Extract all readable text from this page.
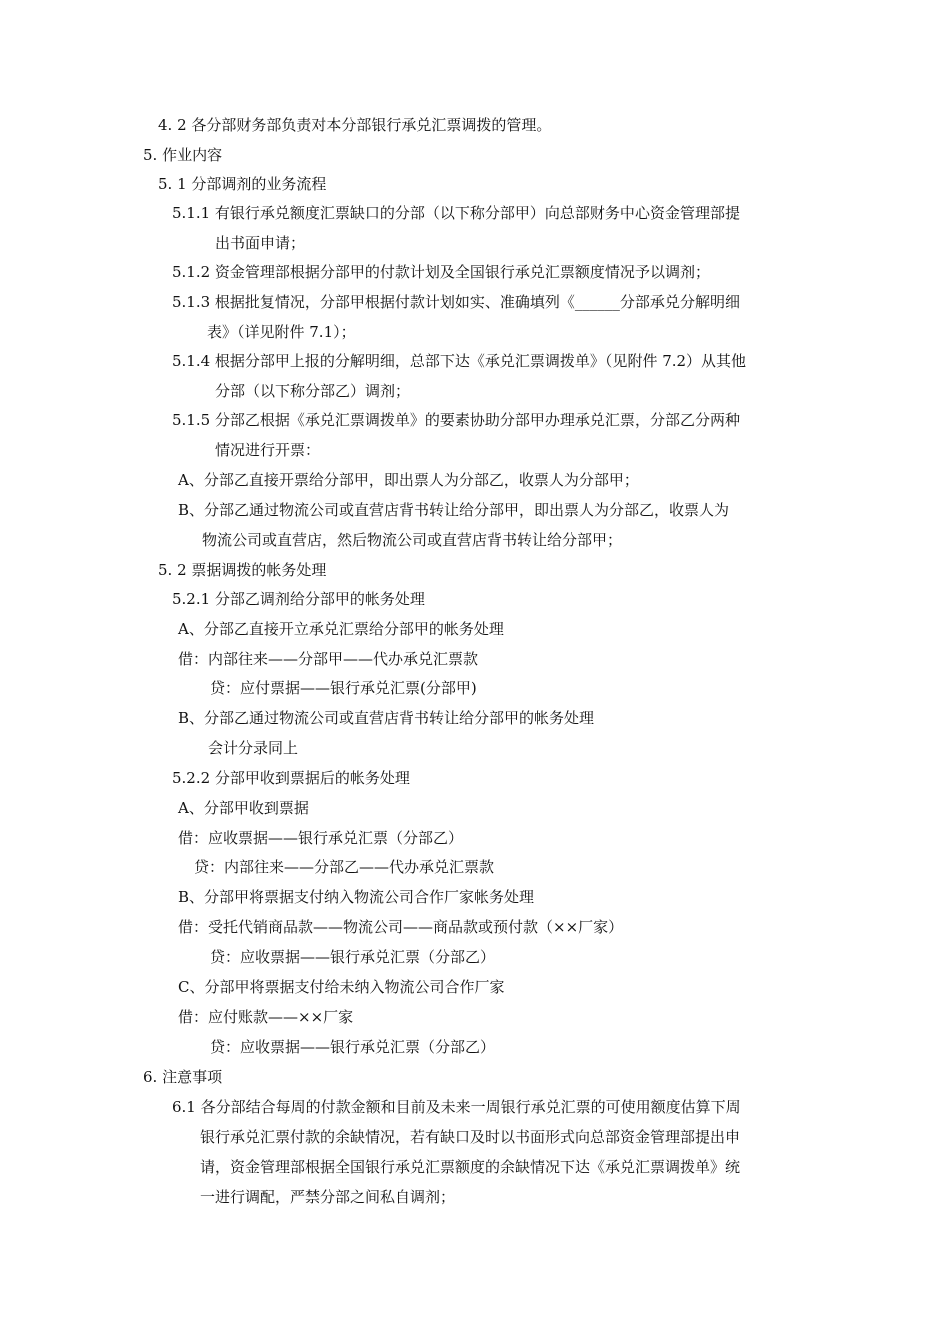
4. 2 各分部财务部负责对本分部银行承兑汇票调拨的管理。
5. 作业内容
5. 1 分部调剂的业务流程
5.1.1 有银行承兑额度汇票缺口的分部（以下称分部甲）向总部财务中心资金管理部提
出书面申请；
5.1.2 资金管理部根据分部甲的付款计划及全国银行承兑汇票额度情况予以调剂；
5.1.3 根据批复情况，分部甲根据付款计划如实、准确填列《______分部承兑分解明细
表》（详见附件 7.1）；
5.1.4 根据分部甲上报的分解明细，总部下达《承兑汇票调拨单》（见附件 7.2）从其他
分部（以下称分部乙）调剂；
5.1.5 分部乙根据《承兑汇票调拨单》的要素协助分部甲办理承兑汇票，分部乙分两种
情况进行开票：
A、分部乙直接开票给分部甲，即出票人为分部乙，收票人为分部甲；
B、分部乙通过物流公司或直营店背书转让给分部甲，即出票人为分部乙，收票人为
物流公司或直营店，然后物流公司或直营店背书转让给分部甲；
5. 2 票据调拨的帐务处理
5.2.1 分部乙调剂给分部甲的帐务处理
A、分部乙直接开立承兑汇票给分部甲的帐务处理
借：内部往来——分部甲——代办承兑汇票款
贷：应付票据——银行承兑汇票(分部甲)
B、分部乙通过物流公司或直营店背书转让给分部甲的帐务处理
会计分录同上
5.2.2 分部甲收到票据后的帐务处理
A、分部甲收到票据
借：应收票据——银行承兑汇票（分部乙）
贷：内部往来——分部乙——代办承兑汇票款
B、分部甲将票据支付纳入物流公司合作厂家帐务处理
借：受托代销商品款——物流公司——商品款或预付款（××厂家）
贷：应收票据——银行承兑汇票（分部乙）
C、分部甲将票据支付给未纳入物流公司合作厂家
借：应付账款——××厂家
贷：应收票据——银行承兑汇票（分部乙）
6. 注意事项
6.1 各分部结合每周的付款金额和目前及未来一周银行承兑汇票的可使用额度估算下周
银行承兑汇票付款的余缺情况，若有缺口及时以书面形式向总部资金管理部提出申
请，资金管理部根据全国银行承兑汇票额度的余缺情况下达《承兑汇票调拨单》统
一进行调配，严禁分部之间私自调剂；
